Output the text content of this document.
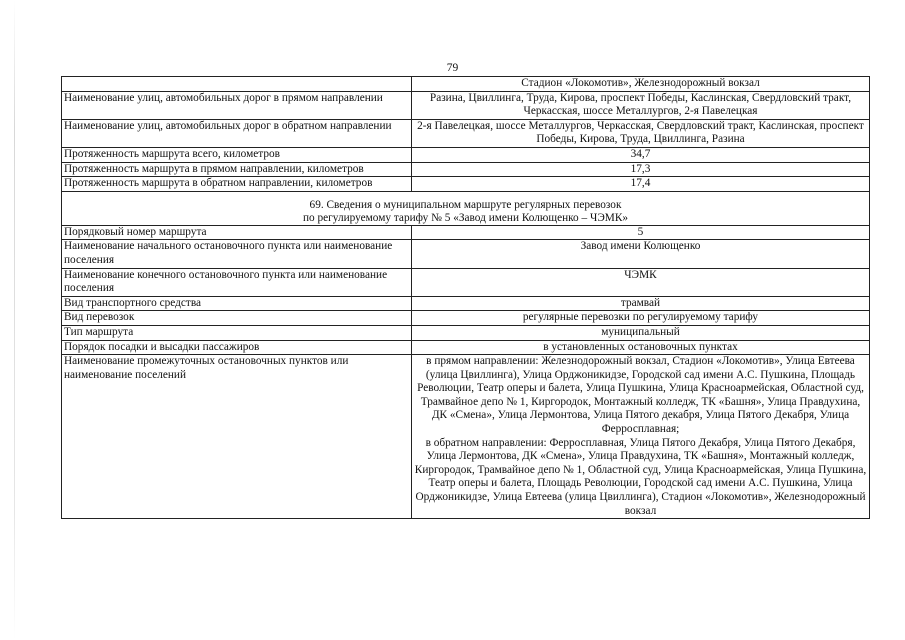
79
	Стадион «Локомотив», Железнодорожный вокзал
Наименование улиц, автомобильных дорог в прямом направлении	Разина, Цвиллинга, Труда, Кирова, проспект Победы, Каслинская, Свердловский тракт, Черкасская, шоссе Металлургов, 2-я Павелецкая
Наименование улиц, автомобильных дорог в обратном направлении	2-я Павелецкая, шоссе Металлургов, Черкасская, Свердловский тракт, Каслинская, проспект Победы, Кирова, Труда, Цвиллинга, Разина
Протяженность маршрута всего, километров	34,7
Протяженность маршрута в прямом направлении, километров	17,3
Протяженность маршрута в обратном направлении, километров	17,4

69. Сведения о муниципальном маршруте регулярных перевозок
по регулируемому тарифу № 5 «Завод имени Колющенко – ЧЭМК»	

Порядковый номер маршрута	5
Наименование начального остановочного пункта или наименование поселения	Завод имени Колющенко
Наименование конечного остановочного пункта или наименование поселения	ЧЭМК
Вид транспортного средства	трамвай
Вид перевозок	регулярные перевозки по регулируемому тарифу
Тип маршрута	муниципальный
Порядок посадки и высадки пассажиров	в установленных остановочных пунктах
Наименование промежуточных остановочных пунктов или наименование поселений	в прямом направлении: Железнодорожный вокзал, Стадион «Локомотив», Улица Евтеева (улица Цвиллинга), Улица Орджоникидзе, Городской сад имени А.С. Пушкина, Площадь Революции, Театр оперы и балета, Улица Пушкина, Улица Красноармейская, Областной суд, Трамвайное депо № 1, Киргородок, Монтажный колледж, ТК «Башня», Улица Правдухина, ДК «Смена», Улица Лермонтова, Улица Пятого декабря, Улица Пятого Декабря, Улица Ферросплавная;
в обратном направлении: Ферросплавная, Улица Пятого Декабря, Улица Пятого Декабря, Улица Лермонтова, ДК «Смена», Улица Правдухина, ТК «Башня», Монтажный колледж, Киргородок, Трамвайное депо № 1, Областной суд, Улица Красноармейская, Улица Пушкина, Театр оперы и балета, Площадь Революции, Городской сад имени А.С. Пушкина, Улица Орджоникидзе, Улица Евтеева (улица Цвиллинга), Стадион «Локомотив», Железнодорожный вокзал
